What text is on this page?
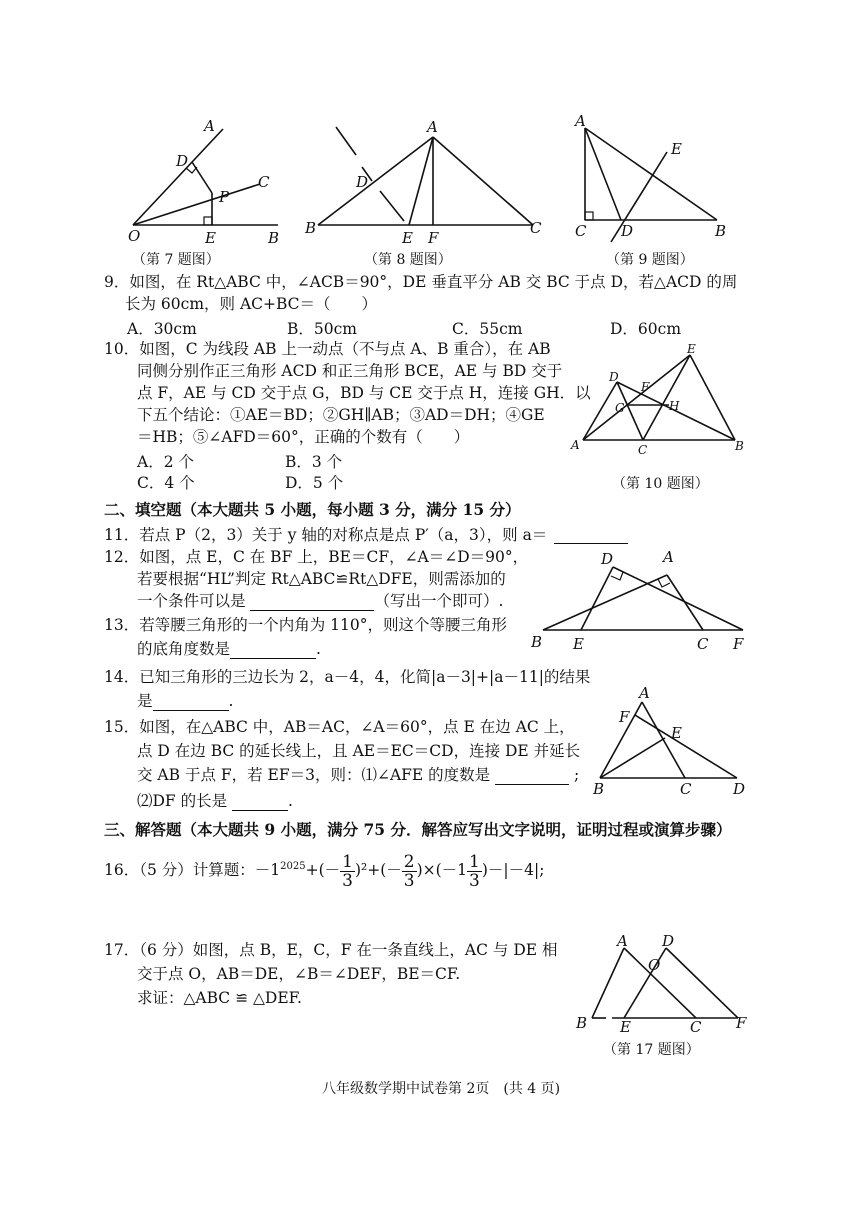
A
D
C
P
O	E	B
（第 7 题图）
A
D
B
E F
C
（第 8 题图）
A
E
C D	B
（第 9 题图）
9．如图，在 Rt△ABC 中，∠ACB＝90°，DE 垂直平分 AB 交 BC 于点 D，若△ACD 的周
长为 60cm，则 AC+BC＝（　　）
A．30cm	B．50cm	C．55cm	D．60cm
10．如图，C 为线段 AB 上一动点（不与点 A、B 重合），在 AB
同侧分别作正三角形 ACD 和正三角形 BCE，AE 与 BD 交于
点 F，AE 与 CD 交于点 G，BD 与 CE 交于点 H，连接 GH．以
下五个结论：①AE＝BD；②GH∥AB；③AD＝DH；④GE
＝HB；⑤∠AFD＝60°，正确的个数有（　　）
A．2 个	B．3 个
C．4 个	D．5 个
E
D
F
G	H
A	C	B
（第 10 题图）
二、填空题（本大题共 5 小题，每小题 3 分，满分 15 分）
11．若点 P（2，3）关于 y 轴的对称点是点 P′（a，3），则 a＝
12．如图，点 E，C 在 BF 上，BE＝CF，∠A＝∠D＝90°，
若要根据“HL”判定 Rt△ABC≌Rt△DFE，则需添加的
一个条件可以是	（写出一个即可）.
D	A
B E	C F
13．若等腰三角形的一个内角为 110°，则这个等腰三角形
的底角度数是	.
14．已知三角形的三边长为 2，a－4，4，化简|a－3|+|a－11|的结果
是	.
15．如图，在△ABC 中，AB＝AC，∠A＝60°，点 E 在边 AC 上，
点 D 在边 BC 的延长线上，且 AE＝EC＝CD，连接 DE 并延长
交 AB 于点 F，若 EF＝3，则：⑴∠AFE 的度数是	;
⑵DF 的长是	.
A
F
E
B	C	D
三、解答题（本大题共 9 小题，满分 75 分．解答应写出文字说明，证明过程或演算步骤）
16．（5 分）计算题：$-1^{2025}+(- \frac{1}{3} )^2+(- \frac{2}{3} )\times(-1 \frac{1}{3} )-|-4|$;
17．（6 分）如图，点 B，E，C，F 在一条直线上，AC 与 DE 相
交于点 O，AB＝DE，∠B＝∠DEF，BE＝CF.
求证：△ABC ≌ △DEF.
A D
O
B E	C F
（第 17 题图）
八年级数学期中试卷第 2页　(共 4 页)
